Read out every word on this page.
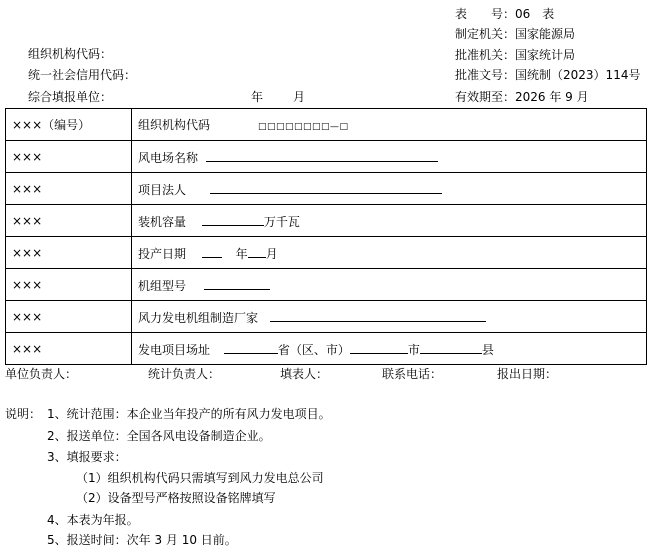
表　　号：06　表
制定机关：国家能源局
批准机关：国家统计局
批准文号：国统制（2023）114号
有效期至：2026 年 9 月
组织机构代码：
统一社会信用代码：
综合填报单位：	年 月
×××（编号）	组织机构代码 □□□□□□□□—□
×××	风电场名称
×××	项目法人
×××	装机容量 万千瓦
×××	投产日期 年 月
×××	机组型号
×××	风力发电机组制造厂家
×××	发电项目场址 省（区、市） 市 县
单位负责人：	统计负责人：	填表人：	联系电话：	报出日期：
说明： 1、统计范围：本企业当年投产的所有风力发电项目。
2、报送单位：全国各风电设备制造企业。
3、填报要求：
（1）组织机构代码只需填写到风力发电总公司
（2）设备型号严格按照设备铭牌填写
4、本表为年报。
5、报送时间：次年 3 月 10 日前。
